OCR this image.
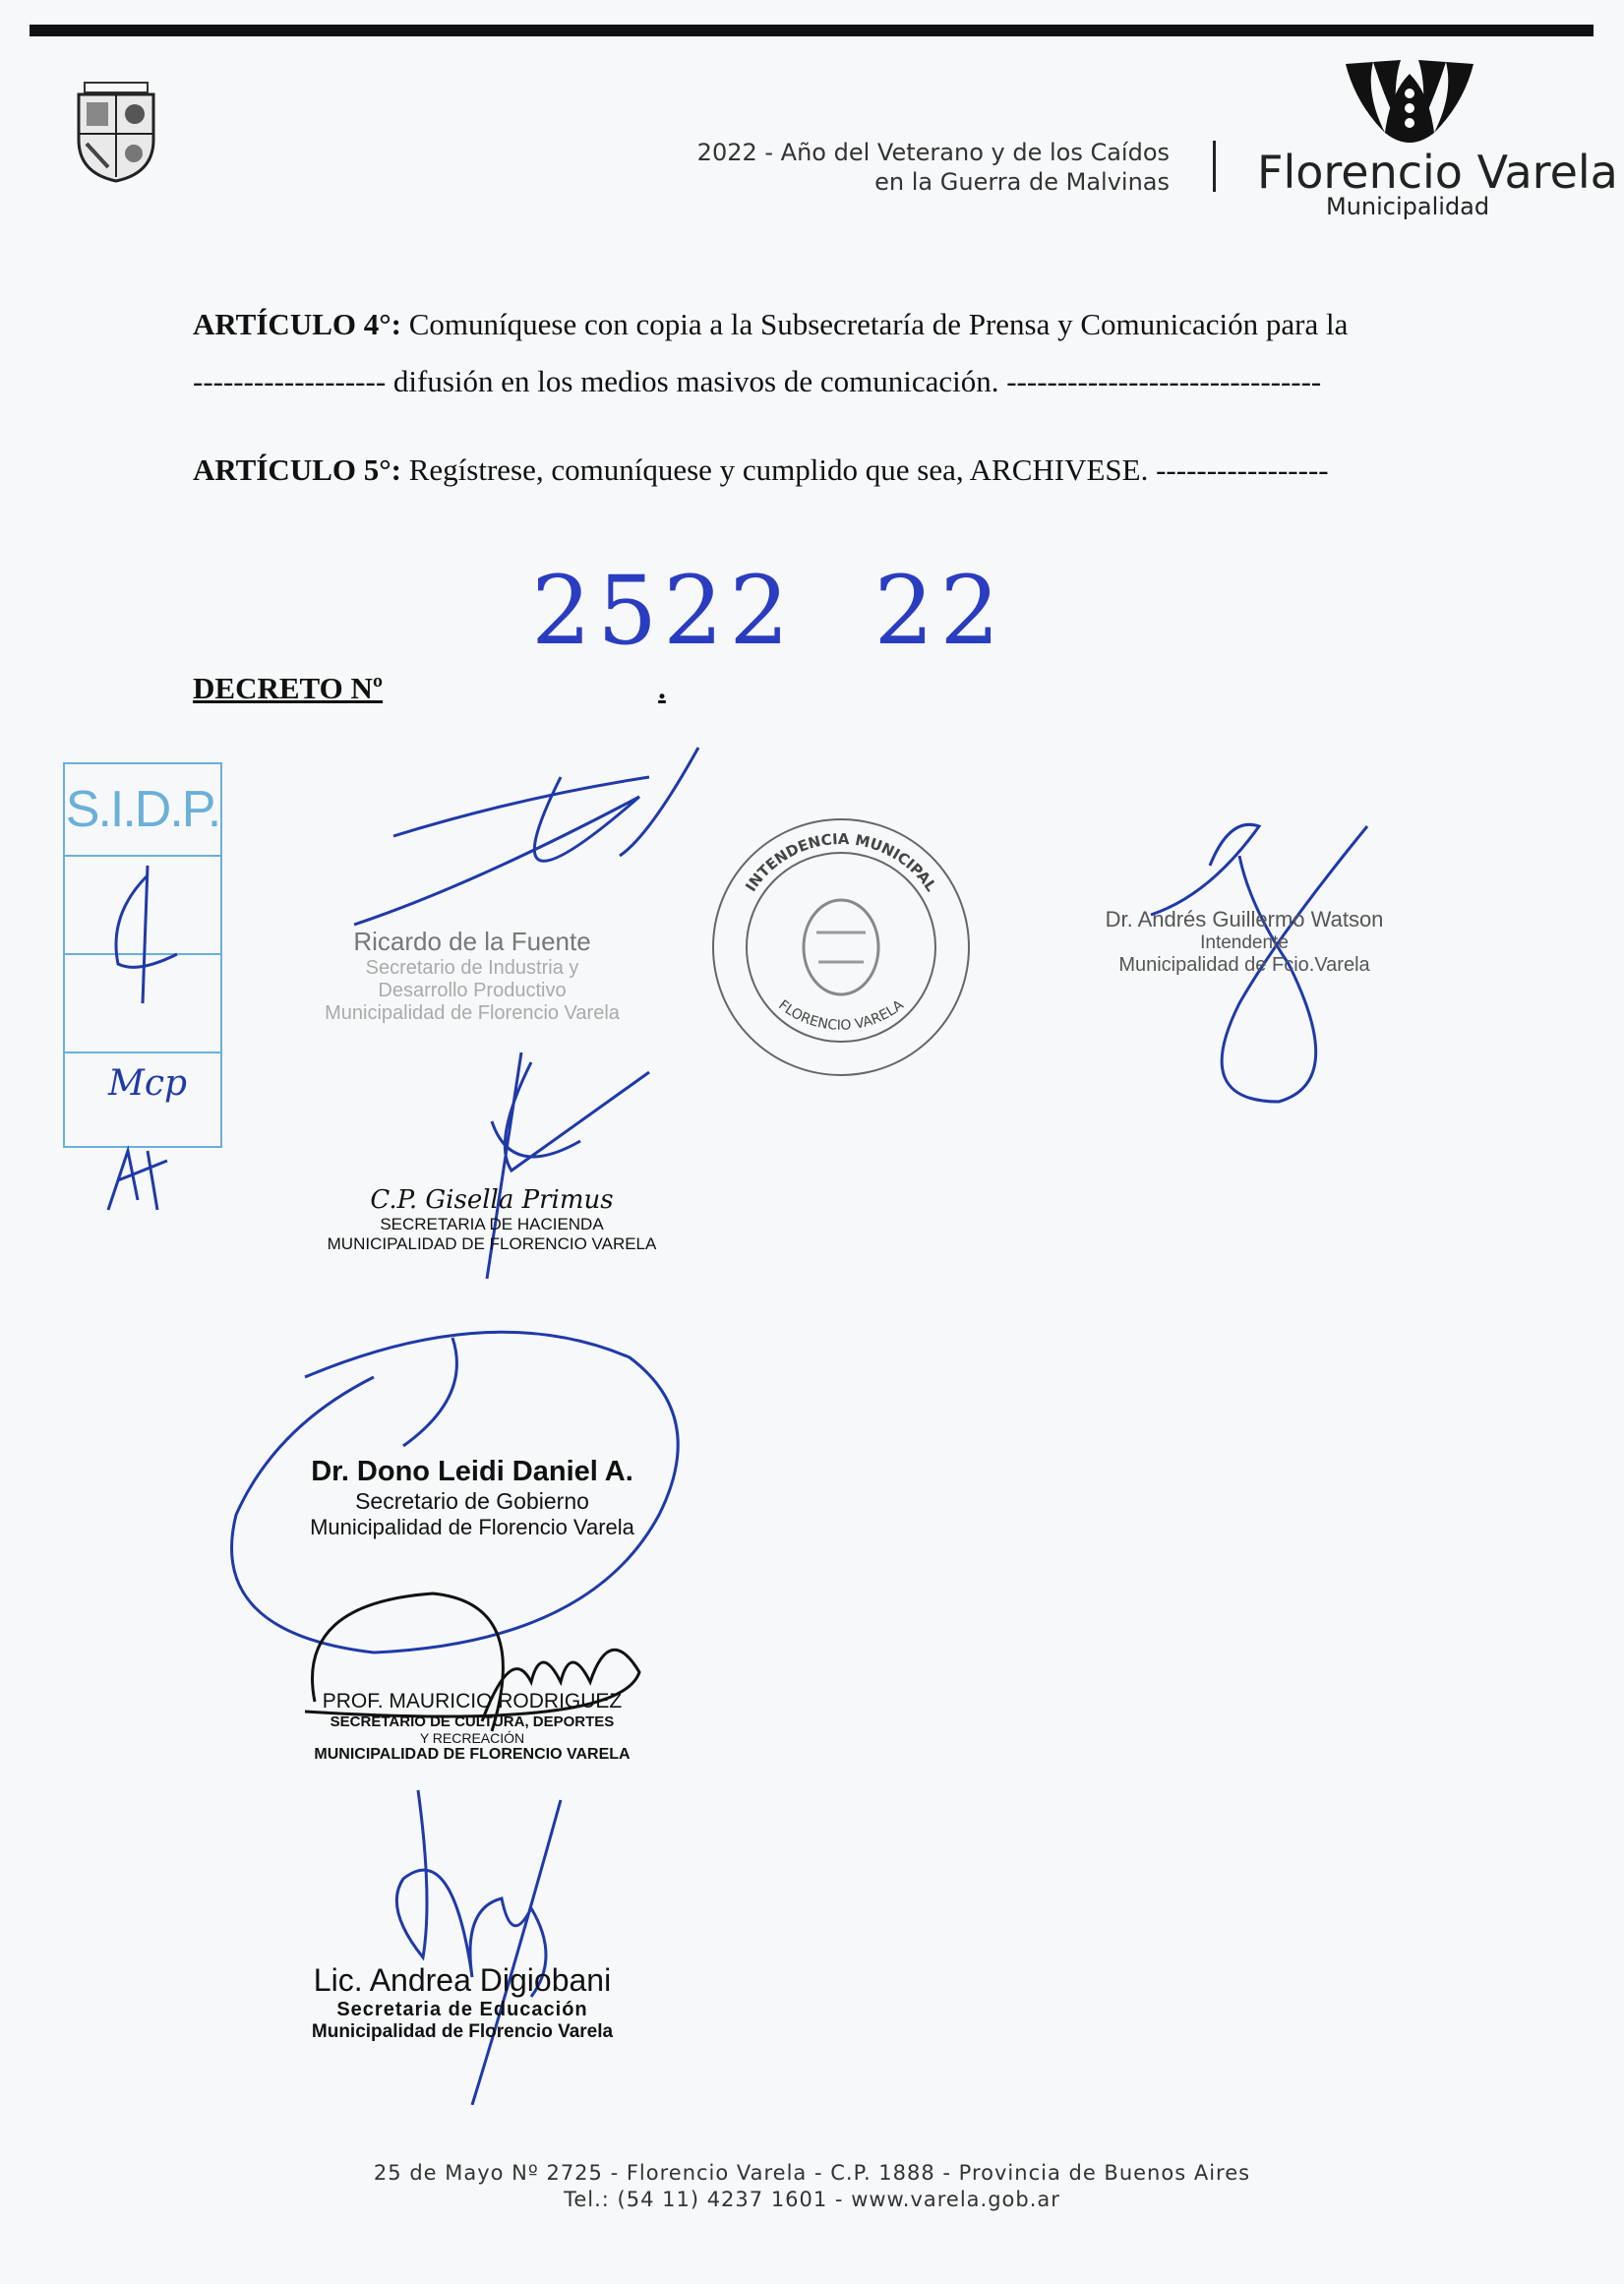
2022 - Año del Veterano y de los Caídos
en la Guerra de Malvinas Florencio Varela
Municipalidad
ARTÍCULO 4°: Comuníquese con copia a la Subsecretaría de Prensa y Comunicación para la
------------------- difusión en los medios masivos de comunicación. -------------------------------
ARTÍCULO 5°: Regístrese, comuníquese y cumplido que sea, ARCHIVESE. -----------------
2522 22
DECRETO Nº	.
S.I.D.P.
Mcp
Ricardo de la Fuente
Secretario de Industria y
Desarrollo Productivo
Municipalidad de Florencio Varela
INTENDENCIA MUNICIPAL
FLORENCIO VARELA
Dr. Andrés Guillermo Watson
Intendente
Municipalidad de Fcio.Varela
C.P. Gisella Primus
SECRETARIA DE HACIENDA
MUNICIPALIDAD DE FLORENCIO VARELA
Dr. Dono Leidi Daniel A.
Secretario de Gobierno
Municipalidad de Florencio Varela
PROF. MAURICIO RODRIGUEZ
SECRETARIO DE CULTURA, DEPORTES
Y RECREACIÓN
MUNICIPALIDAD DE FLORENCIO VARELA
Lic. Andrea Digiobani
Secretaria de Educación
Municipalidad de Florencio Varela
25 de Mayo Nº 2725 - Florencio Varela - C.P. 1888 - Provincia de Buenos Aires
Tel.: (54 11) 4237 1601 - www.varela.gob.ar
